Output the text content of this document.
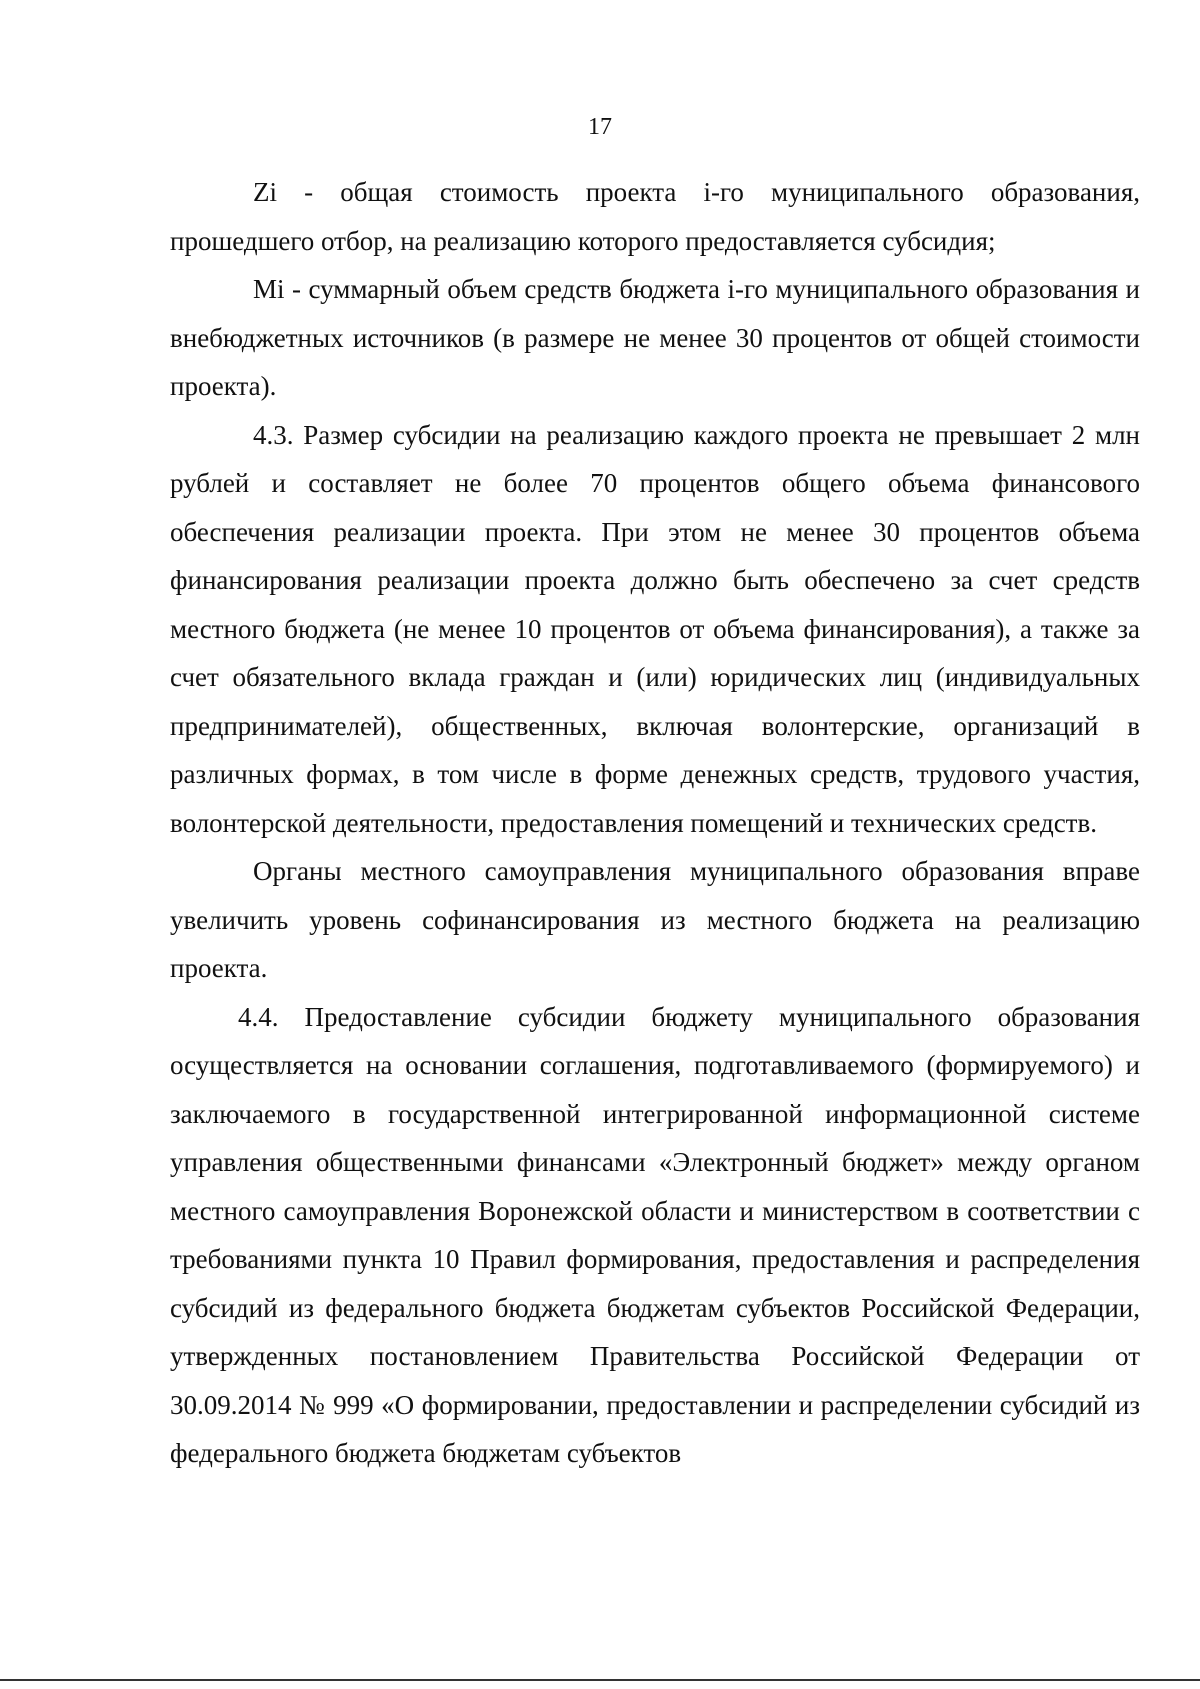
17

Zi - общая стоимость проекта i-го муниципального образования, прошедшего отбор, на реализацию которого предоставляется субсидия;

Mi - суммарный объем средств бюджета i-го муниципального образования и внебюджетных источников (в размере не менее 30 процентов от общей стоимости проекта).

4.3. Размер субсидии на реализацию каждого проекта не превышает 2 млн рублей и составляет не более 70 процентов общего объема финансового обеспечения реализации проекта. При этом не менее 30 процентов объема финансирования реализации проекта должно быть обеспечено за счет средств местного бюджета (не менее 10 процентов от объема финансирования), а также за счет обязательного вклада граждан и (или) юридических лиц (индивидуальных предпринимателей), общественных, включая волонтерские, организаций в различных формах, в том числе в форме денежных средств, трудового участия, волонтерской деятельности, предоставления помещений и технических средств.

Органы местного самоуправления муниципального образования вправе увеличить уровень софинансирования из местного бюджета на реализацию проекта.

4.4. Предоставление субсидии бюджету муниципального образования осуществляется на основании соглашения, подготавливаемого (формируемого) и заключаемого в государственной интегрированной информационной системе управления общественными финансами «Электронный бюджет» между органом местного самоуправления Воронежской области и министерством в соответствии с требованиями пункта 10 Правил формирования, предоставления и распределения субсидий из федерального бюджета бюджетам субъектов Российской Федерации, утвержденных постановлением Правительства Российской Федерации от 30.09.2014 № 999 «О формировании, предоставлении и распределении субсидий из федерального бюджета бюджетам субъектов
